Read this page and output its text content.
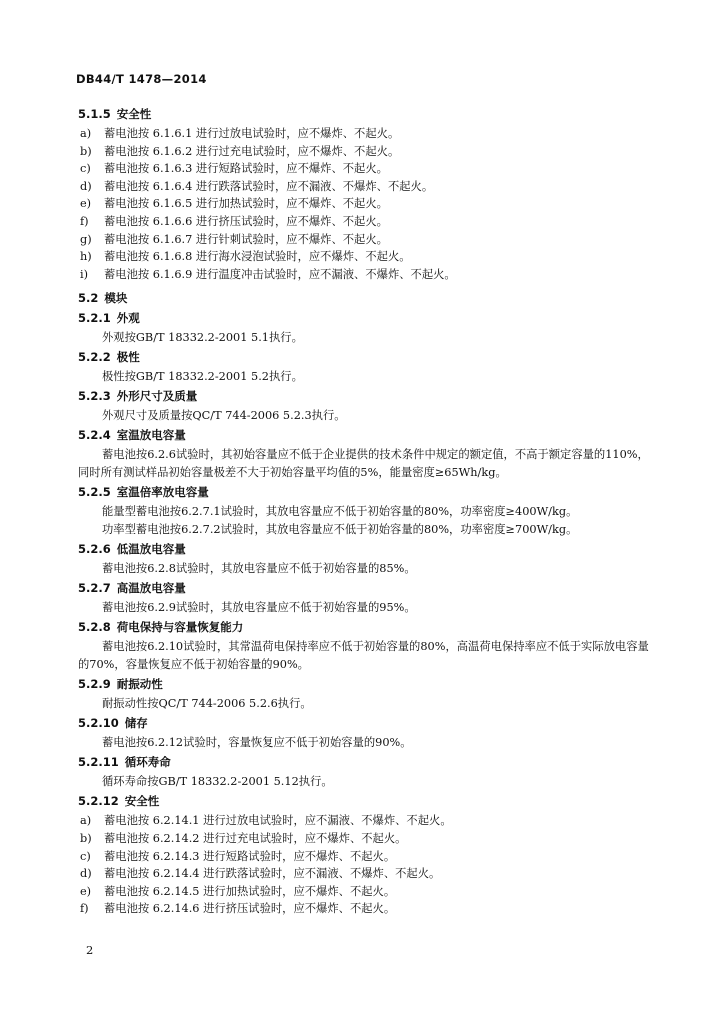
DB44/T 1478—2014
5.1.5 安全性
a) 蓄电池按 6.1.6.1 进行过放电试验时，应不爆炸、不起火。
b) 蓄电池按 6.1.6.2 进行过充电试验时，应不爆炸、不起火。
c) 蓄电池按 6.1.6.3 进行短路试验时，应不爆炸、不起火。
d) 蓄电池按 6.1.6.4 进行跌落试验时，应不漏液、不爆炸、不起火。
e) 蓄电池按 6.1.6.5 进行加热试验时，应不爆炸、不起火。
f) 蓄电池按 6.1.6.6 进行挤压试验时，应不爆炸、不起火。
g) 蓄电池按 6.1.6.7 进行针刺试验时，应不爆炸、不起火。
h) 蓄电池按 6.1.6.8 进行海水浸泡试验时，应不爆炸、不起火。
i) 蓄电池按 6.1.6.9 进行温度冲击试验时，应不漏液、不爆炸、不起火。
5.2 模块
5.2.1 外观

外观按GB/T 18332.2-2001 5.1执行。

5.2.2 极性

极性按GB/T 18332.2-2001 5.2执行。

5.2.3 外形尺寸及质量

外观尺寸及质量按QC/T 744-2006 5.2.3执行。

5.2.4 室温放电容量

蓄电池按6.2.6试验时，其初始容量应不低于企业提供的技术条件中规定的额定值，不高于额定容量的110%，同时所有测试样品初始容量极差不大于初始容量平均值的5%，能量密度≥65Wh/kg。

5.2.5 室温倍率放电容量

能量型蓄电池按6.2.7.1试验时，其放电容量应不低于初始容量的80%，功率密度≥400W/kg。

功率型蓄电池按6.2.7.2试验时，其放电容量应不低于初始容量的80%，功率密度≥700W/kg。

5.2.6 低温放电容量

蓄电池按6.2.8试验时，其放电容量应不低于初始容量的85%。

5.2.7 高温放电容量

蓄电池按6.2.9试验时，其放电容量应不低于初始容量的95%。

5.2.8 荷电保持与容量恢复能力

蓄电池按6.2.10试验时，其常温荷电保持率应不低于初始容量的80%，高温荷电保持率应不低于实际放电容量的70%，容量恢复应不低于初始容量的90%。

5.2.9 耐振动性

耐振动性按QC/T 744-2006 5.2.6执行。

5.2.10 储存

蓄电池按6.2.12试验时，容量恢复应不低于初始容量的90%。

5.2.11 循环寿命

循环寿命按GB/T 18332.2-2001 5.12执行。

5.2.12 安全性
a) 蓄电池按 6.2.14.1 进行过放电试验时，应不漏液、不爆炸、不起火。
b) 蓄电池按 6.2.14.2 进行过充电试验时，应不爆炸、不起火。
c) 蓄电池按 6.2.14.3 进行短路试验时，应不爆炸、不起火。
d) 蓄电池按 6.2.14.4 进行跌落试验时，应不漏液、不爆炸、不起火。
e) 蓄电池按 6.2.14.5 进行加热试验时，应不爆炸、不起火。
f) 蓄电池按 6.2.14.6 进行挤压试验时，应不爆炸、不起火。
2
